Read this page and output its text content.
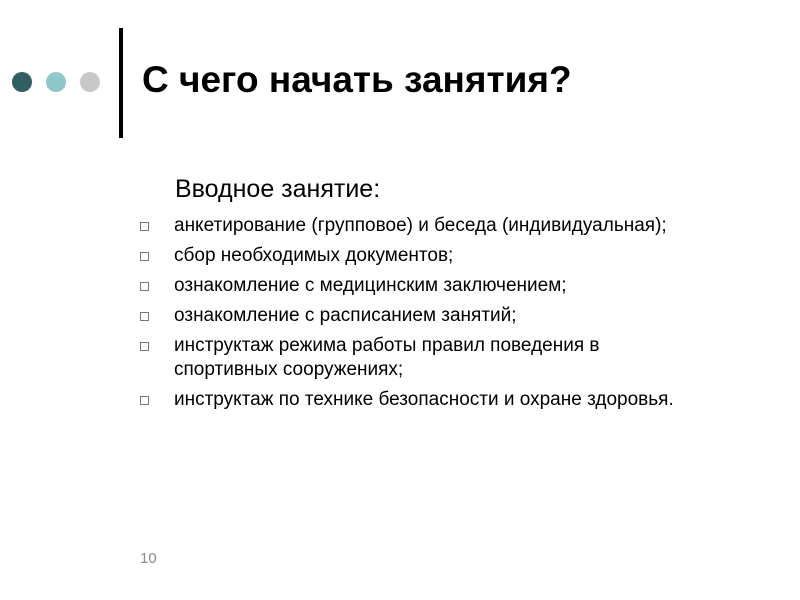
С чего начать занятия?
Вводное занятие:
анкетирование (групповое) и беседа (индивидуальная);
сбор необходимых документов;
ознакомление с медицинским заключением;
ознакомление с расписанием занятий;
инструктаж режима работы правил поведения в спортивных сооружениях;
инструктаж по технике безопасности и охране здоровья.
10
